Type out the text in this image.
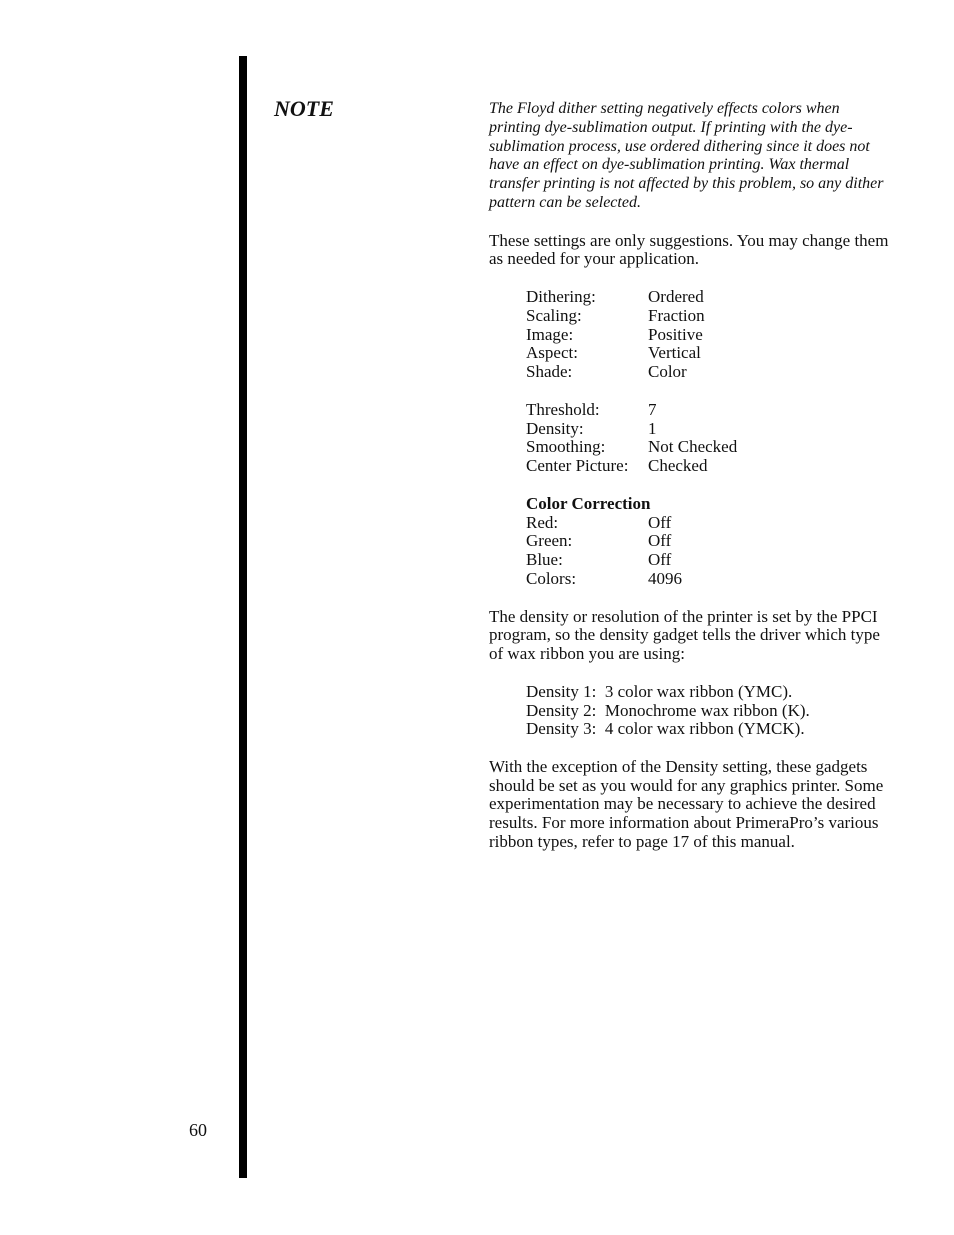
NOTE	The Floyd dither setting negatively effects colors when printing dye-sublimation output. If printing with the dye-sublimation process, use ordered dithering since it does not have an effect on dye-sublimation printing. Wax thermal transfer printing is not affected by this problem, so any dither pattern can be selected.

These settings are only suggestions. You may change them as needed for your application.

Dithering:	Ordered
Scaling:	Fraction
Image:	Positive
Aspect:	Vertical
Shade:	Color
Threshold:	7
Density:	1
Smoothing:	Not Checked
Center Picture:	Checked
Color Correction
Red:	Off
Green:	Off
Blue:	Off
Colors:	4096

The density or resolution of the printer is set by the PPCI program, so the density gadget tells the driver which type of wax ribbon you are using:

Density 1:  3 color wax ribbon (YMC).
Density 2:  Monochrome wax ribbon (K).
Density 3:  4 color wax ribbon (YMCK).

With the exception of the Density setting, these gadgets should be set as you would for any graphics printer. Some experimentation may be necessary to achieve the desired results. For more information about PrimeraPro’s various ribbon types, refer to page 17 of this manual.

60
